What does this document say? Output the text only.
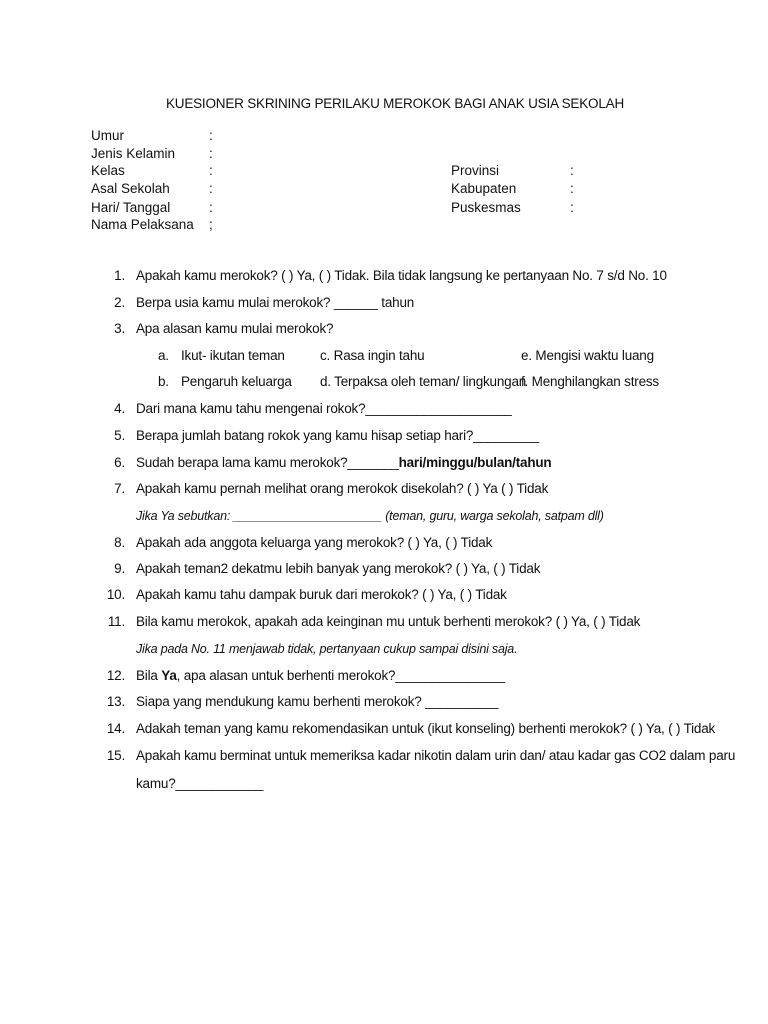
KUESIONER SKRINING PERILAKU MEROKOK BAGI ANAK USIA SEKOLAH
Umur	:
Jenis Kelamin	:
Kelas	:
Asal Sekolah	:
Hari/ Tanggal	:
Nama Pelaksana ;
Provinsi	:
Kabupaten	:
Puskesmas	:
1. Apakah kamu merokok? ( ) Ya, ( ) Tidak. Bila tidak langsung ke pertanyaan No. 7 s/d No. 10
2. Berpa usia kamu mulai merokok? ______ tahun
3. Apa alasan kamu mulai merokok?
a. Ikut- ikutan teman	c. Rasa ingin tahu	e. Mengisi waktu luang
b. Pengaruh keluarga d. Terpaksa oleh teman/ lingkungan
f. Menghilangkan stress
4. Dari mana kamu tahu mengenai rokok?____________________
5. Berapa jumlah batang rokok yang kamu hisap setiap hari?_________
6. Sudah berapa lama kamu merokok?_______hari/minggu/bulan/tahun
7. Apakah kamu pernah melihat orang merokok disekolah? ( ) Ya ( ) Tidak
Jika Ya sebutkan: ______________________ (teman, guru, warga sekolah, satpam dll)
8. Apakah ada anggota keluarga yang merokok? ( ) Ya, ( ) Tidak
9. Apakah teman2 dekatmu lebih banyak yang merokok? ( ) Ya, ( ) Tidak
10. Apakah kamu tahu dampak buruk dari merokok? ( ) Ya, ( ) Tidak
11. Bila kamu merokok, apakah ada keinginan mu untuk berhenti merokok? ( ) Ya, ( ) Tidak
Jika pada No. 11 menjawab tidak, pertanyaan cukup sampai disini saja.
12. Bila Ya, apa alasan untuk berhenti merokok?_______________
13. Siapa yang mendukung kamu berhenti merokok? __________
14. Adakah teman yang kamu rekomendasikan untuk (ikut konseling) berhenti merokok? ( ) Ya, ( ) Tidak
15. Apakah kamu berminat untuk memeriksa kadar nikotin dalam urin dan/ atau kadar gas CO2 dalam paru
kamu?____________
